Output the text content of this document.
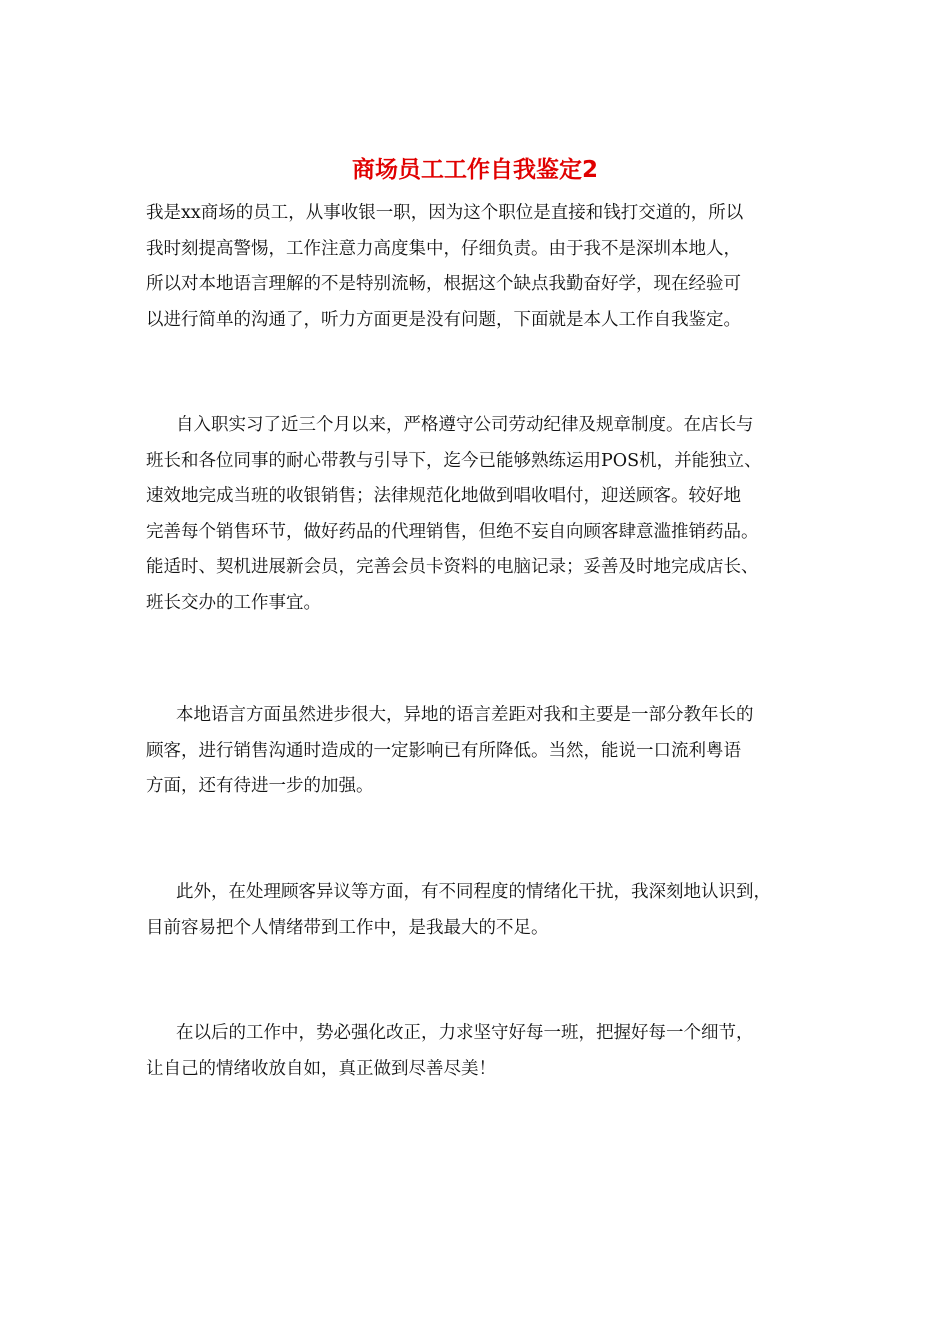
商场员工工作自我鉴定2
我是xx商场的员工，从事收银一职，因为这个职位是直接和钱打交道的，所以
我时刻提高警惕，工作注意力高度集中，仔细负责。由于我不是深圳本地人，
所以对本地语言理解的不是特别流畅，根据这个缺点我勤奋好学，现在经验可
以进行简单的沟通了，听力方面更是没有问题，下面就是本人工作自我鉴定。
自入职实习了近三个月以来，严格遵守公司劳动纪律及规章制度。在店长与
班长和各位同事的耐心带教与引导下，迄今已能够熟练运用POS机，并能独立、
速效地完成当班的收银销售；法律规范化地做到唱收唱付，迎送顾客。较好地
完善每个销售环节，做好药品的代理销售，但绝不妄自向顾客肆意滥推销药品。
能适时、契机进展新会员，完善会员卡资料的电脑记录；妥善及时地完成店长、
班长交办的工作事宜。
本地语言方面虽然进步很大，异地的语言差距对我和主要是一部分教年长的
顾客，进行销售沟通时造成的一定影响已有所降低。当然，能说一口流利粤语
方面，还有待进一步的加强。
此外，在处理顾客异议等方面，有不同程度的情绪化干扰，我深刻地认识到，
目前容易把个人情绪带到工作中，是我最大的不足。
在以后的工作中，势必强化改正，力求坚守好每一班，把握好每一个细节，
让自己的情绪收放自如，真正做到尽善尽美！
